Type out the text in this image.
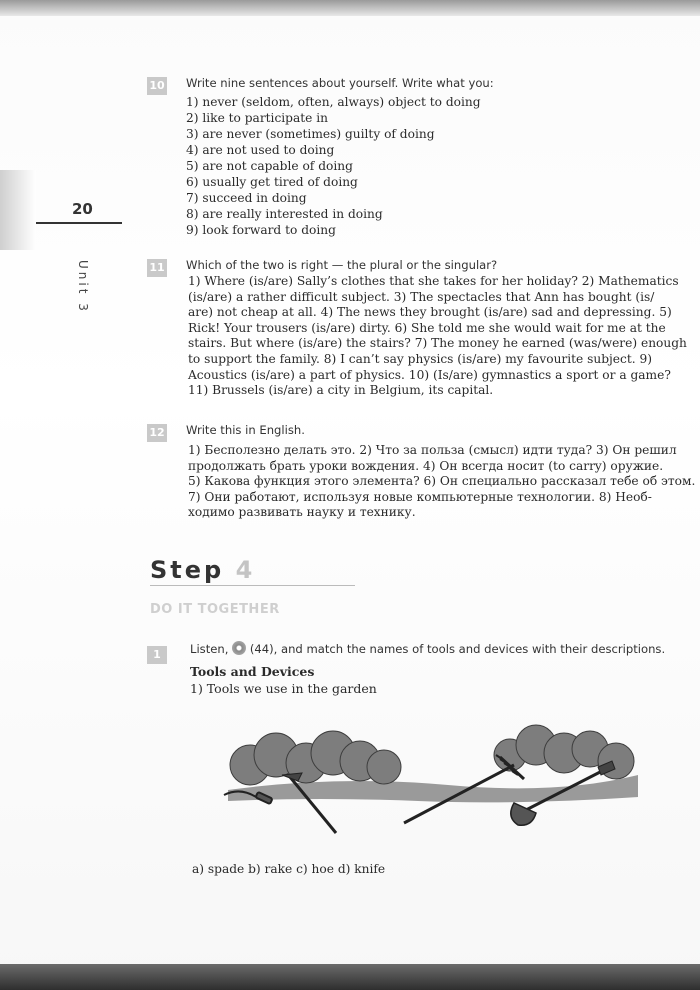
20
Unit 3
10 Write nine sentences about yourself. Write what you:
1) never (seldom, often, always) object to doing
2) like to participate in
3) are never (sometimes) guilty of doing
4) are not used to doing
5) are not capable of doing
6) usually get tired of doing
7) succeed in doing
8) are really interested in doing
9) look forward to doing
11 Which of the two is right — the plural or the singular?
1) Where (is/are) Sally’s clothes that she takes for her holiday? 2) Mathematics
(is/are) a rather difficult subject. 3) The spectacles that Ann has bought (is/
are) not cheap at all. 4) The news they brought (is/are) sad and depressing. 5)
Rick! Your trousers (is/are) dirty. 6) She told me she would wait for me at the
stairs. But where (is/are) the stairs? 7) The money he earned (was/were) enough
to support the family. 8) I can’t say physics (is/are) my favourite subject. 9)
Acoustics (is/are) a part of physics. 10) (Is/are) gymnastics a sport or a game?
11) Brussels (is/are) a city in Belgium, its capital.
12 Write this in English.
1) Бесполезно делать это. 2) Что за польза (смысл) идти туда? 3) Он решил
продолжать брать уроки вождения. 4) Он всегда носит (to carry) оружие.
5) Какова функция этого элемента? 6) Он специально рассказал тебе об этом.
7) Они работают, используя новые компьютерные технологии. 8) Необ-
ходимо развивать науку и технику.
Step 4
DO IT TOGETHER
1	Listen, (44), and match the names of tools and devices with their descriptions.
Tools and Devices
1) Tools we use in the garden
a) spade b) rake c) hoe d) knife
